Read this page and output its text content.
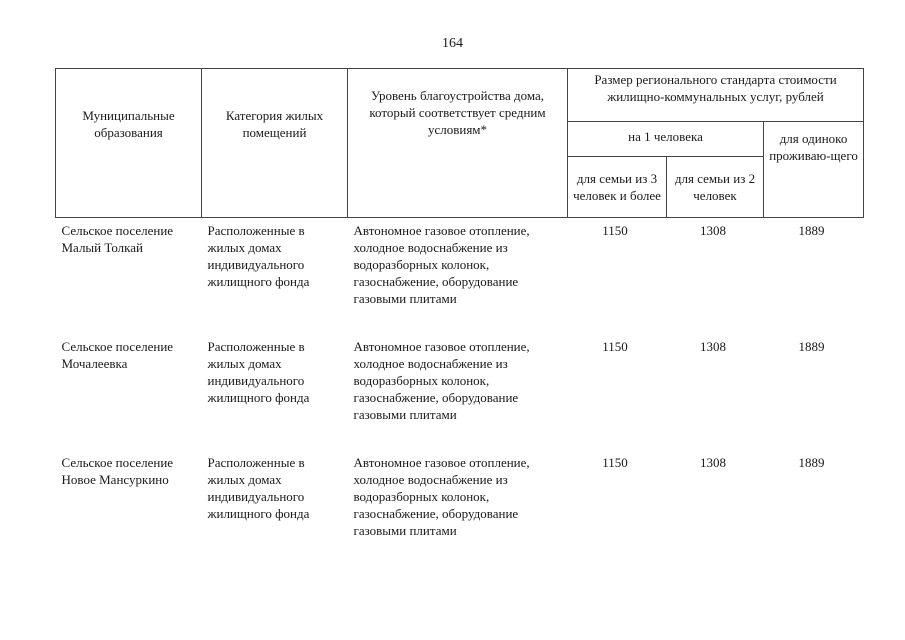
164
Муниципальные образования	Категория жилых помещений	Уровень благоустройства дома, который соответствует средним условиям*	Размер регионального стандарта стоимости жилищно-коммунальных услуг, рублей		
			на 1 человека		для одиноко проживаю-щего
			для семьи из 3 человек и более	для семьи из 2 человек	
Сельское поселение Малый Толкай	Расположенные в жилых домах индивидуального жилищного фонда	Автономное газовое отопление, холодное водоснабжение из водоразборных колонок, газоснабжение, оборудование газовыми плитами	1150	1308	1889
Сельское поселение Мочалеевка	Расположенные в жилых домах индивидуального жилищного фонда	Автономное газовое отопление, холодное водоснабжение из водоразборных колонок, газоснабжение, оборудование газовыми плитами	1150	1308	1889
Сельское поселение Новое Мансуркино	Расположенные в жилых домах индивидуального жилищного фонда	Автономное газовое отопление, холодное водоснабжение из водоразборных колонок, газоснабжение, оборудование газовыми плитами	1150	1308	1889
